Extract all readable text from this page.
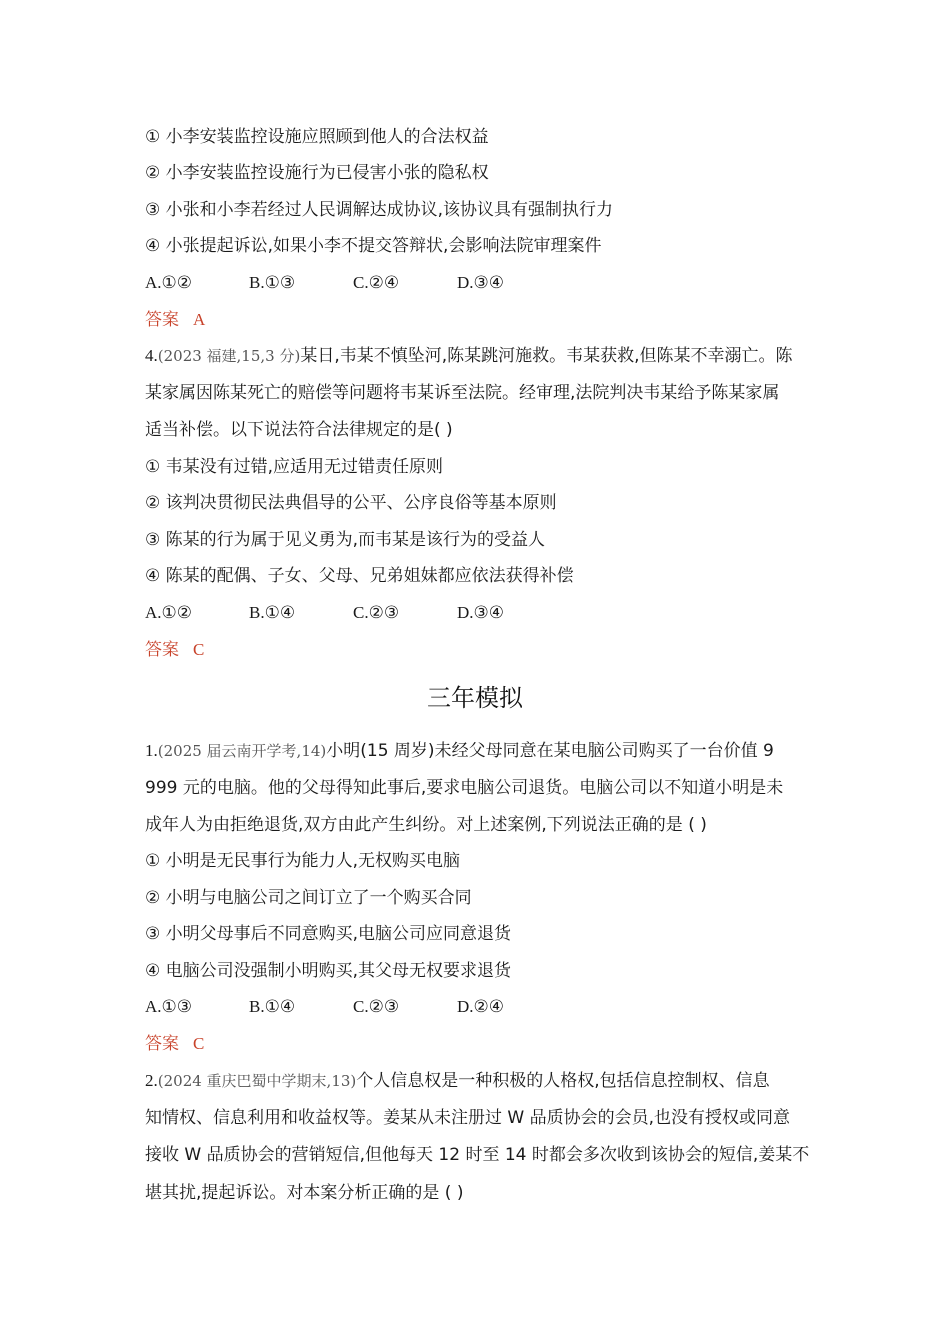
① 小李安装监控设施应照顾到他人的合法权益
② 小李安装监控设施行为已侵害小张的隐私权
③ 小张和小李若经过人民调解达成协议,该协议具有强制执行力
④ 小张提起诉讼,如果小李不提交答辩状,会影响法院审理案件
A.①②	B.①③	C.②④	D.③④
答案 A
4.(2023 福建,15,3 分)某日,韦某不慎坠河,陈某跳河施救。韦某获救,但陈某不幸溺亡。陈
某家属因陈某死亡的赔偿等问题将韦某诉至法院。经审理,法院判决韦某给予陈某家属
适当补偿。以下说法符合法律规定的是( )
① 韦某没有过错,应适用无过错责任原则
② 该判决贯彻民法典倡导的公平、公序良俗等基本原则
③ 陈某的行为属于见义勇为,而韦某是该行为的受益人
④ 陈某的配偶、子女、父母、兄弟姐妹都应依法获得补偿
A.①②	B.①④	C.②③	D.③④
答案 C
三年模拟
1.(2025 届云南开学考,14)小明(15 周岁)未经父母同意在某电脑公司购买了一台价值 9
999 元的电脑。他的父母得知此事后,要求电脑公司退货。电脑公司以不知道小明是未
成年人为由拒绝退货,双方由此产生纠纷。对上述案例,下列说法正确的是 ( )
① 小明是无民事行为能力人,无权购买电脑
② 小明与电脑公司之间订立了一个购买合同
③ 小明父母事后不同意购买,电脑公司应同意退货
④ 电脑公司没强制小明购买,其父母无权要求退货
A.①③	B.①④	C.②③	D.②④
答案 C
2.(2024 重庆巴蜀中学期末,13)个人信息权是一种积极的人格权,包括信息控制权、信息
知情权、信息利用和收益权等。姜某从未注册过 W 品质协会的会员,也没有授权或同意
接收 W 品质协会的营销短信,但他每天 12 时至 14 时都会多次收到该协会的短信,姜某不
堪其扰,提起诉讼。对本案分析正确的是 ( )
